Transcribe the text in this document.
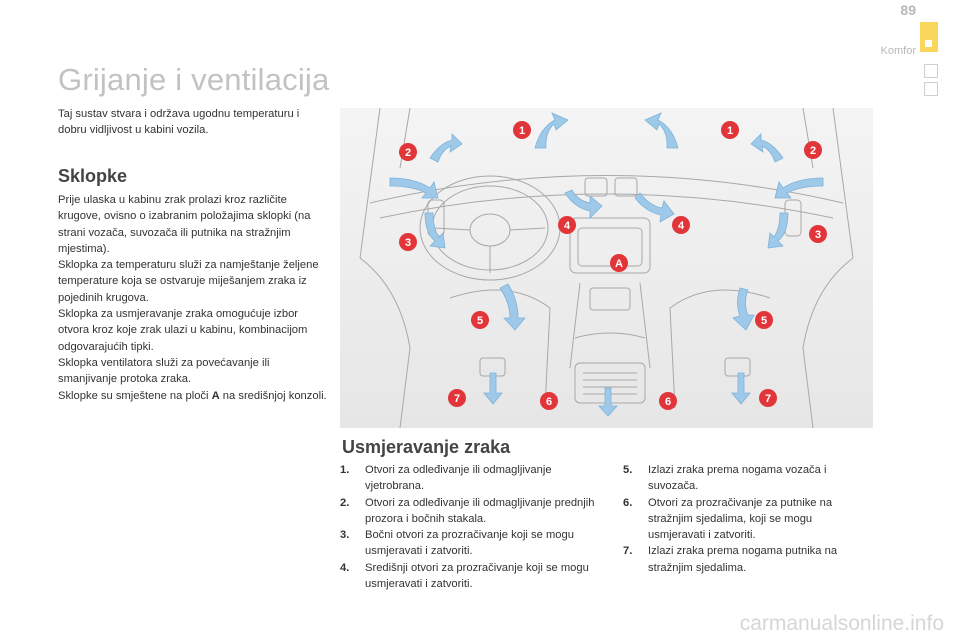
89
Komfor
Grijanje i ventilacija

Taj sustav stvara i održava ugodnu temperaturu i dobru vidljivost u kabini vozila.

Sklopke
Prije ulaska u kabinu zrak prolazi kroz različite krugove, ovisno o izabranim položajima sklopki (na strani vozača, suvozača ili putnika na stražnjim mjestima).
Sklopka za temperaturu služi za namještanje željene temperature koja se ostvaruje miješanjem zraka iz pojedinih krugova.
Sklopka za usmjeravanje zraka omogućuje izbor otvora kroz koje zrak ulazi u kabinu, kombinacijom odgovarajućih tipki.
Sklopka ventilatora služi za povećavanje ili smanjivanje protoka zraka.
Sklopke su smještene na ploči A na središnjoj konzoli.
1	1
2	2
3
3
4	4
A
5	5
6	6
7	7
Usmjeravanje zraka
1. Otvori za odleđivanje ili odmagljivanje vjetrobrana.
2. Otvori za odleđivanje ili odmagljivanje prednjih prozora i bočnih stakala.
3. Bočni otvori za prozračivanje koji se mogu usmjeravati i zatvoriti.
4. Središnji otvori za prozračivanje koji se mogu usmjeravati i zatvoriti.
5. Izlazi zraka prema nogama vozača i suvozača.
6. Otvori za prozračivanje za putnike na stražnjim sjedalima, koji se mogu usmjeravati i zatvoriti.
7. Izlazi zraka prema nogama putnika na stražnjim sjedalima.
carmanualsonline.info
